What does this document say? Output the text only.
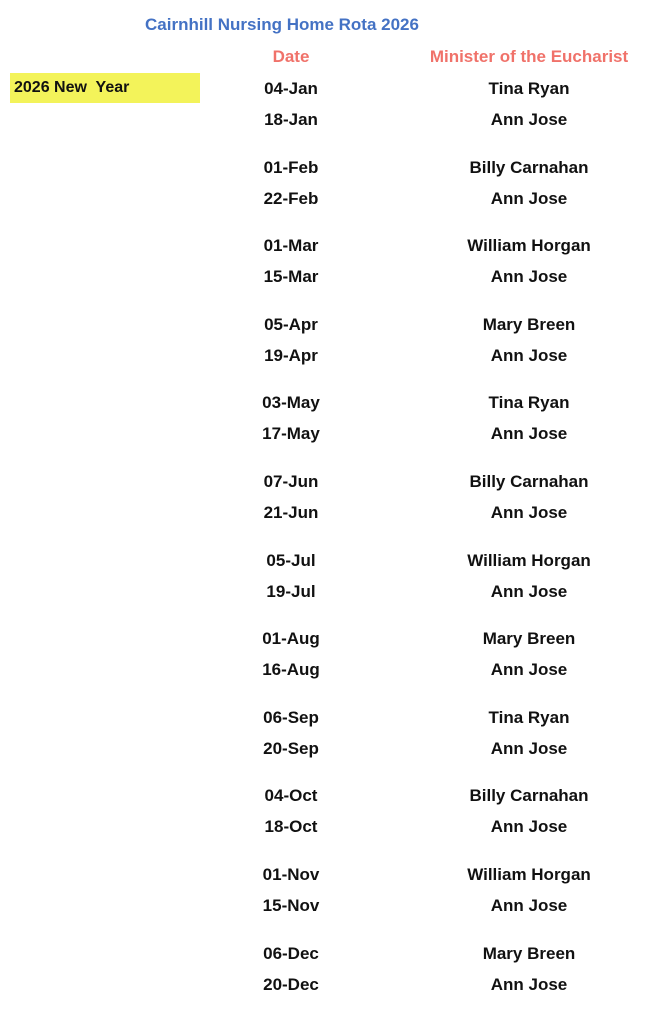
Cairnhill Nursing Home Rota 2026
2026 New  Year
Date	Minister of the Eucharist
04-Jan	Tina Ryan
18-Jan	Ann Jose
01-Feb	Billy Carnahan
22-Feb	Ann Jose
01-Mar	William Horgan
15-Mar	Ann Jose
05-Apr	Mary Breen
19-Apr	Ann Jose
03-May	Tina Ryan
17-May	Ann Jose
07-Jun	Billy Carnahan
21-Jun	Ann Jose
05-Jul	William Horgan
19-Jul	Ann Jose
01-Aug	Mary Breen
16-Aug	Ann Jose
06-Sep	Tina Ryan
20-Sep	Ann Jose
04-Oct	Billy Carnahan
18-Oct	Ann Jose
01-Nov	William Horgan
15-Nov	Ann Jose
06-Dec	Mary Breen
20-Dec	Ann Jose
